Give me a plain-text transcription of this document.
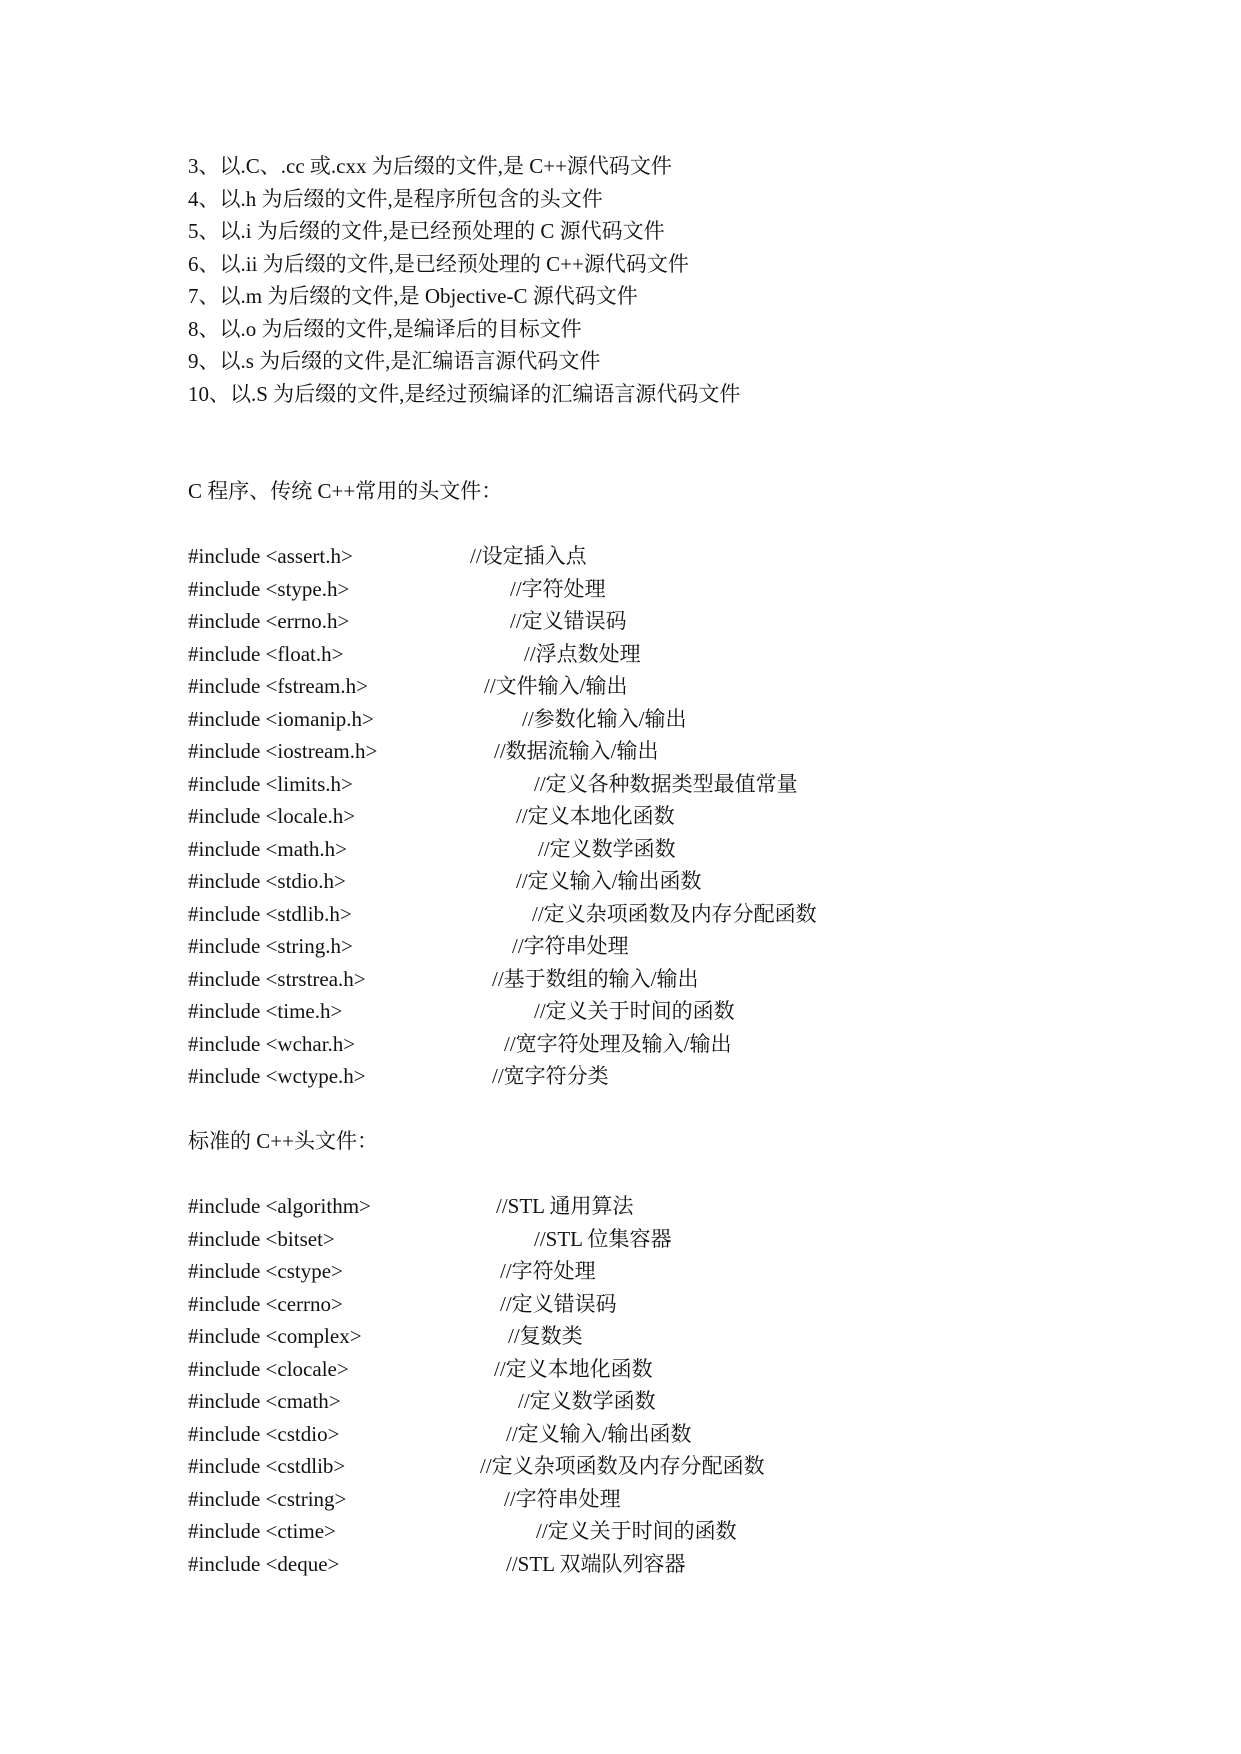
3、以.C、.cc 或.cxx 为后缀的文件,是 C++源代码文件
4、以.h 为后缀的文件,是程序所包含的头文件
5、以.i 为后缀的文件,是已经预处理的 C 源代码文件
6、以.ii 为后缀的文件,是已经预处理的 C++源代码文件
7、以.m 为后缀的文件,是 Objective-C 源代码文件
8、以.o 为后缀的文件,是编译后的目标文件
9、以.s 为后缀的文件,是汇编语言源代码文件
10、以.S 为后缀的文件,是经过预编译的汇编语言源代码文件
C 程序、传统 C++常用的头文件：
#include <assert.h>	//设定插入点
#include <stype.h>	//字符处理
#include <errno.h>	//定义错误码
#include <float.h>	//浮点数处理
#include <fstream.h>	//文件输入/输出
#include <iomanip.h>	//参数化输入/输出
#include <iostream.h>	//数据流输入/输出
#include <limits.h>	//定义各种数据类型最值常量
#include <locale.h>	//定义本地化函数
#include <math.h>	//定义数学函数
#include <stdio.h>	//定义输入/输出函数
#include <stdlib.h>	//定义杂项函数及内存分配函数
#include <string.h>	//字符串处理
#include <strstrea.h>	//基于数组的输入/输出
#include <time.h>	//定义关于时间的函数
#include <wchar.h>	//宽字符处理及输入/输出
#include <wctype.h>	//宽字符分类
标准的 C++头文件：
#include <algorithm>	//STL 通用算法
#include <bitset>	//STL 位集容器
#include <cstype>	//字符处理
#include <cerrno>	//定义错误码
#include <complex>	//复数类
#include <clocale>	//定义本地化函数
#include <cmath>	//定义数学函数
#include <cstdio>	//定义输入/输出函数
#include <cstdlib>	//定义杂项函数及内存分配函数
#include <cstring>	//字符串处理
#include <ctime>	//定义关于时间的函数
#include <deque>	//STL 双端队列容器
